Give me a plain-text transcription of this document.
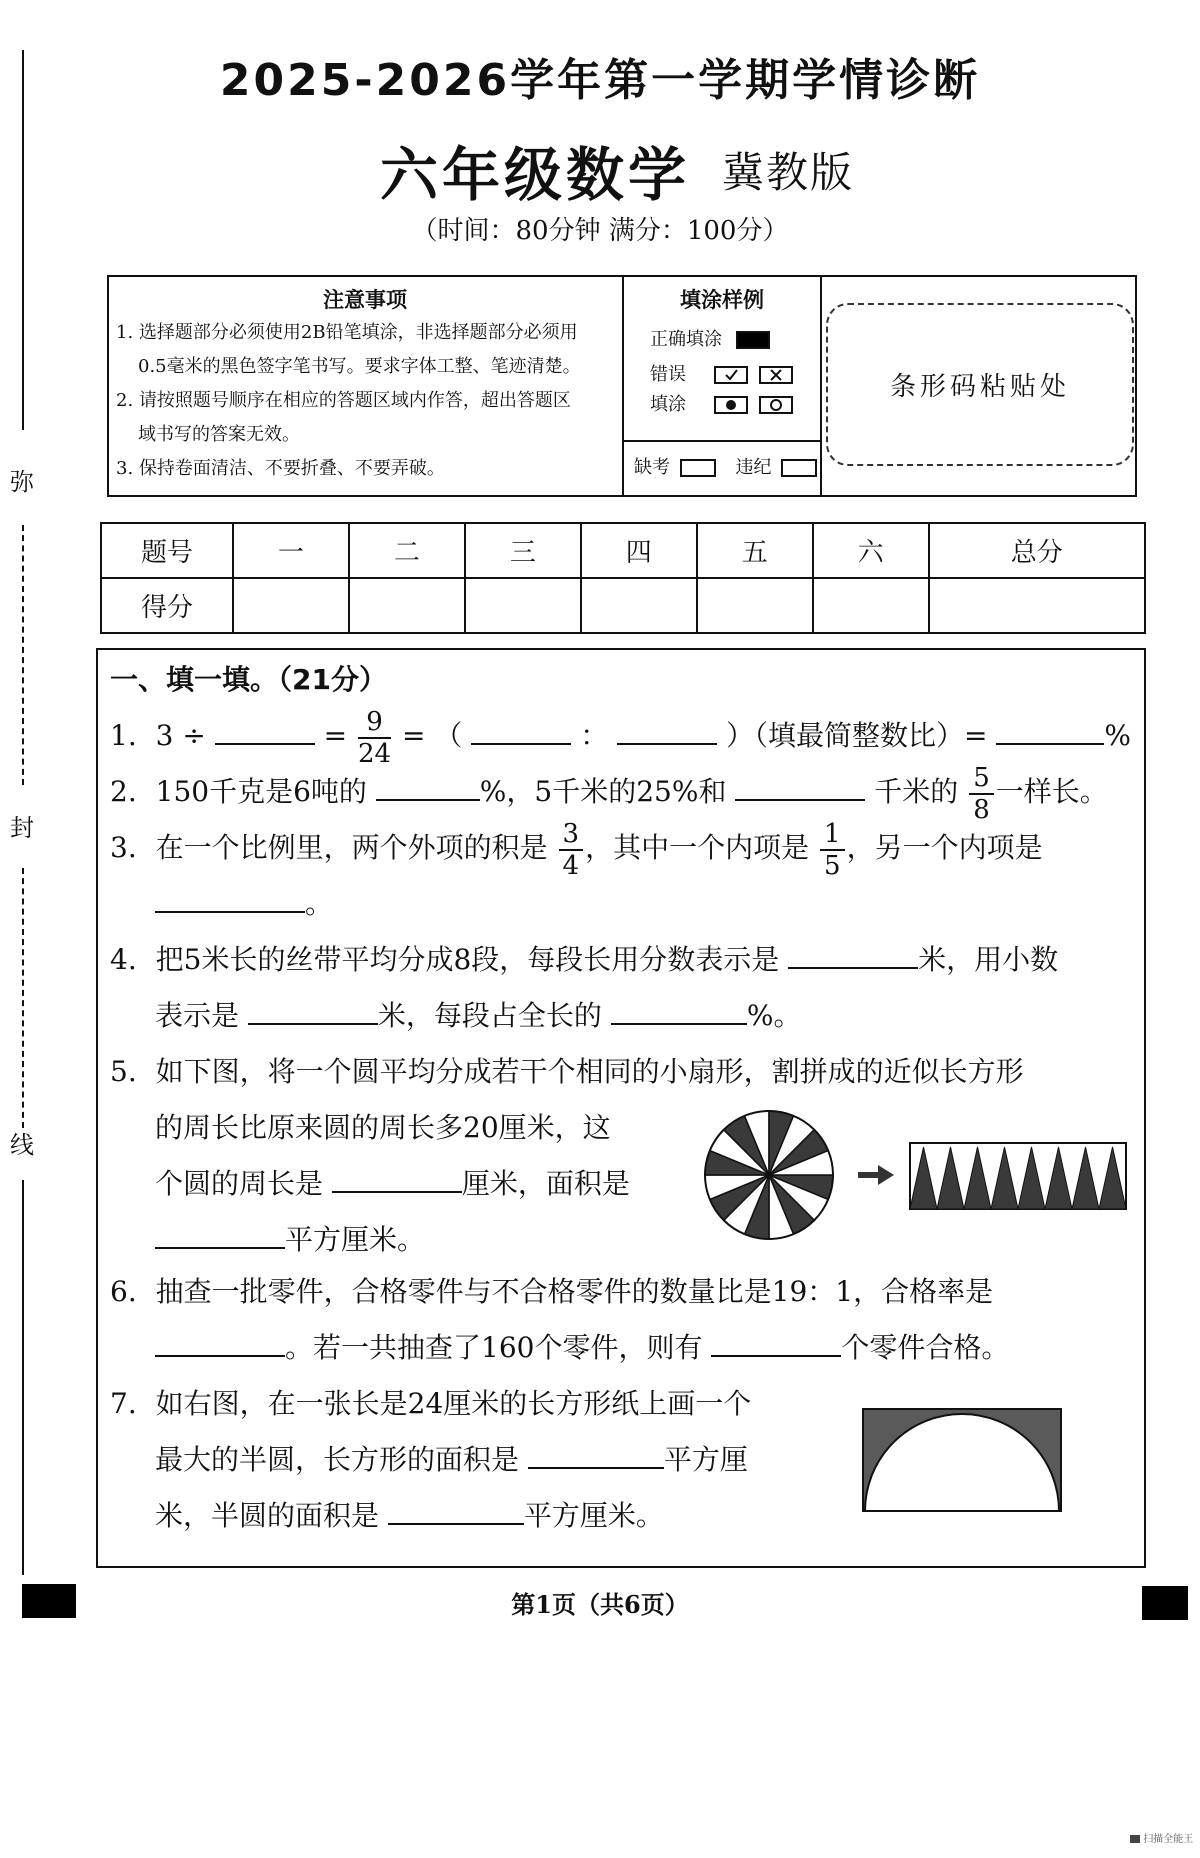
2025-2026学年第一学期学情诊断
六年级数学 冀教版
（时间：80分钟 满分：100分）
弥
封
线
注意事项
1. 选择题部分必须使用2B铅笔填涂，非选择题部分必须用
0.5毫米的黑色签字笔书写。要求字体工整、笔迹清楚。
2. 请按照题号顺序在相应的答题区域内作答，超出答题区
域书写的答案无效。
3. 保持卷面清洁、不要折叠、不要弄破。
填涂样例
正确填涂
错误

填涂

缺考	违纪
条形码粘贴处
题号	一	二	三	四	五	六	总分
得分							
一、填一填。（21分）
1. 3 ÷	= $\frac{9}{24}$ = （	：	）（填最简整数比）=	%
2. 150千克是6吨的	%，5千米的25%和	千米的 $\frac{5}{8}$ 一样长。
3. 在一个比例里，两个外项的积是 $\frac{3}{4}$ ，其中一个内项是 $\frac{1}{5}$ ，另一个内项是
。
4. 把5米长的丝带平均分成8段，每段长用分数表示是	米，用小数
表示是	米，每段占全长的	%。
5. 如下图，将一个圆平均分成若干个相同的小扇形，割拼成的近似长方形
的周长比原来圆的周长多20厘米，这
个圆的周长是	厘米，面积是
平方厘米。
6. 抽查一批零件，合格零件与不合格零件的数量比是19：1，合格率是
。若一共抽查了160个零件，则有	个零件合格。
7. 如右图，在一张长是24厘米的长方形纸上画一个
最大的半圆，长方形的面积是	平方厘
米，半圆的面积是	平方厘米。
第1页（共6页）
扫描全能王
